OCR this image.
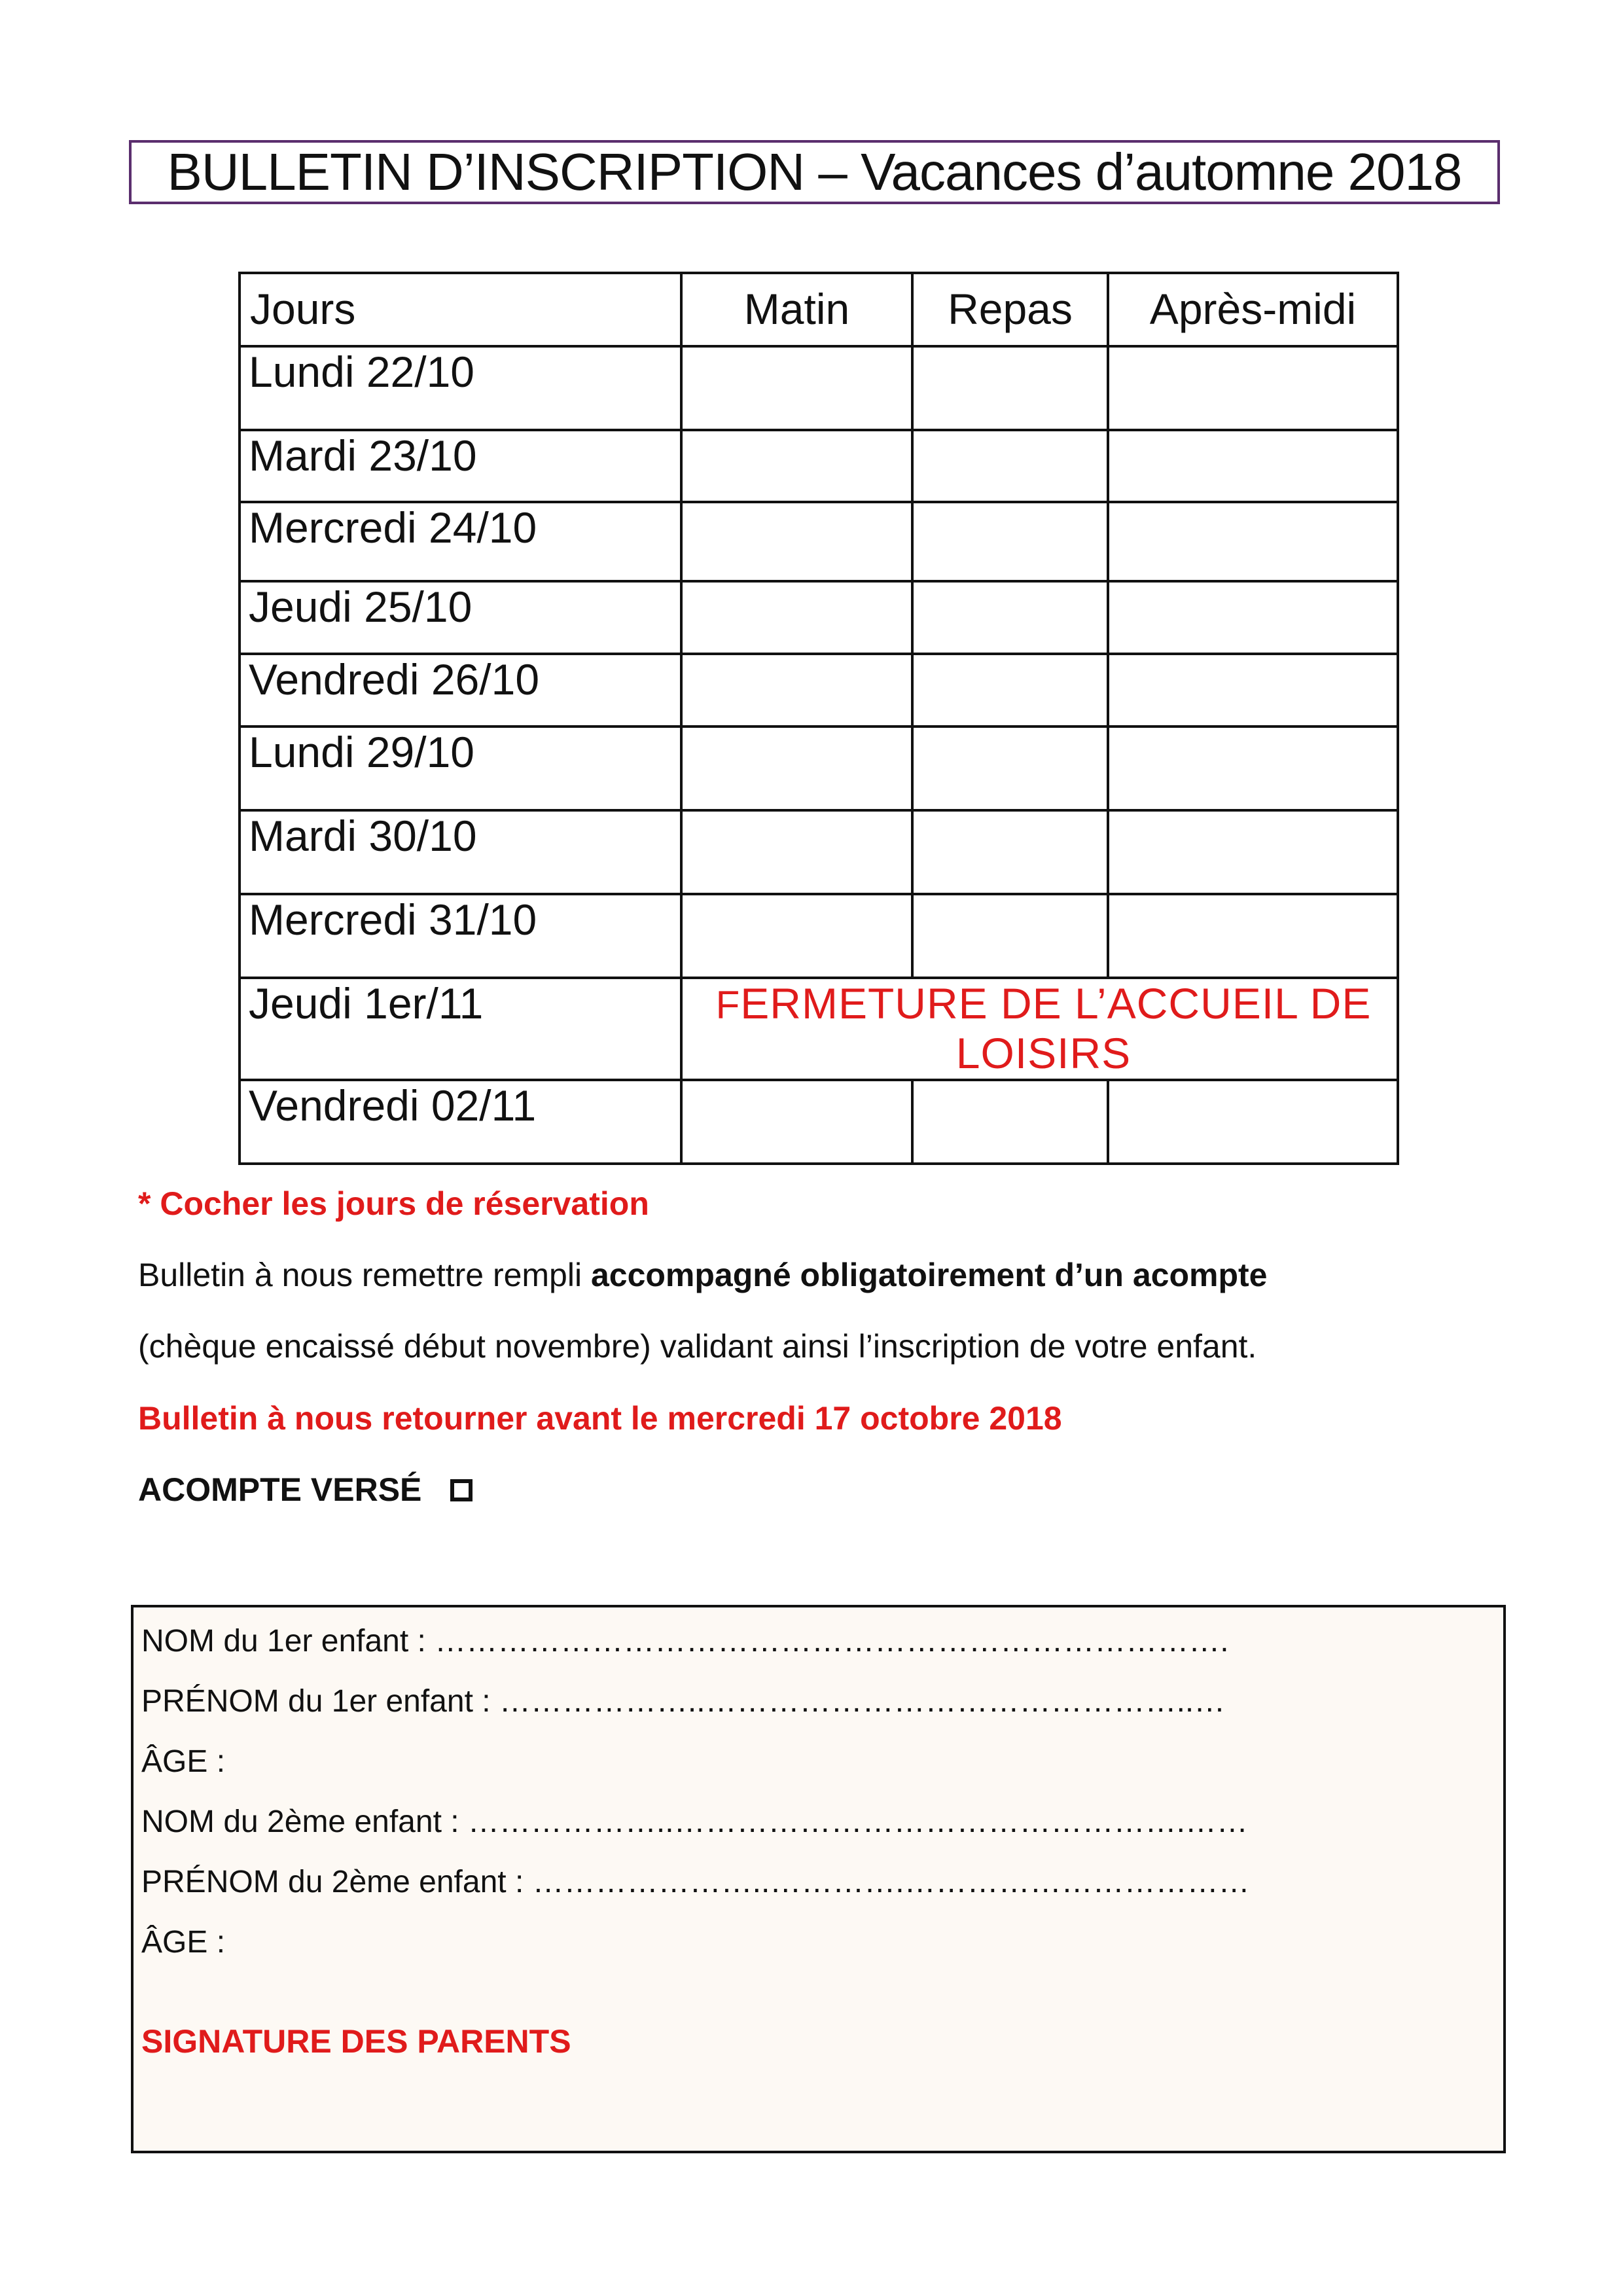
BULLETIN D’INSCRIPTION – Vacances d’automne 2018
Jours	Matin	Repas	Après-midi
Lundi 22/10			
Mardi 23/10			
Mercredi 24/10			
Jeudi 25/10			
Vendredi 26/10			
Lundi 29/10			
Mardi 30/10			
Mercredi 31/10			
Jeudi 1er/11	FERMETURE DE L’ACCUEIL DE LOISIRS		
Vendredi 02/11			

* Cocher les jours de réservation

Bulletin à nous remettre rempli accompagné obligatoirement d’un acompte

(chèque encaissé début novembre) validant ainsi l’inscription de votre enfant.

Bulletin à nous retourner avant le mercredi 17 octobre 2018

ACOMPTE VERSÉ

NOM du 1er enfant : ………………………………………………………………….

PRÉNOM du 1er enfant : ………………..………………………………………..…

ÂGE :

NOM du 2ème enfant : ………………..………………………………………….……

PRÉNOM du 2ème enfant : …………………..………….……………………………

ÂGE :

SIGNATURE DES PARENTS
